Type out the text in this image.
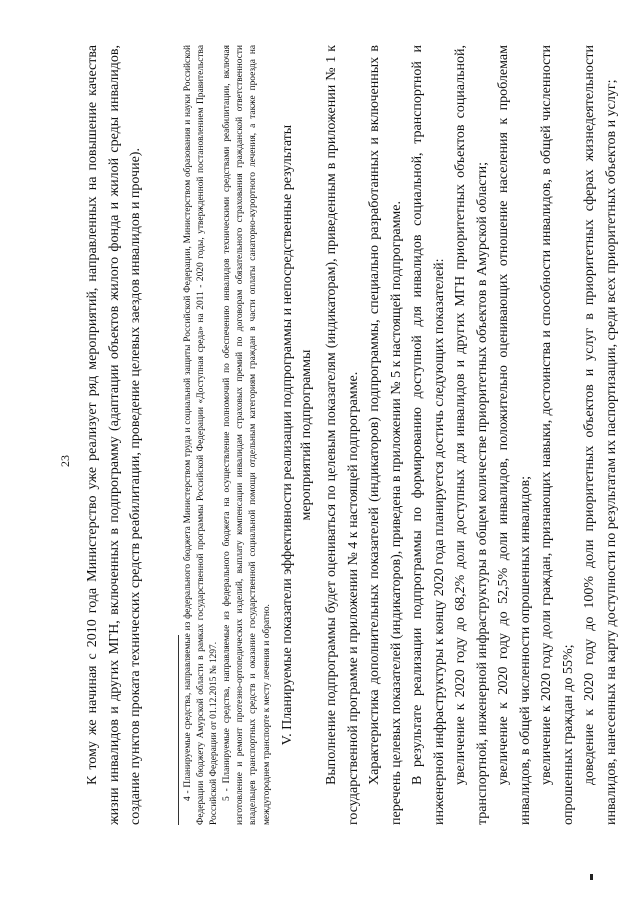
23 К тому же начиная с 2010 года Министерство уже реализует ряд мероприятий, направленных на повышение качества жизни инвалидов и других МГН, включенных в подпрограмму (адаптации объектов жилого фонда и жилой среды инвалидов, создание пунктов проката технических средств реабилитации, проведение целевых заездов инвалидов и прочие).	4 - Планируемые средства, направляемые из федерального бюджета Министерством труда и социальной защиты Российской Федерации, Министерством образования и науки Российской Федерации бюджету Амурской области в рамках государственной программы Российской Федерации «Доступная среда» на 2011 - 2020 годы, утвержденной постановлением Правительства Российской Федерации от 01.12.2015 № 1297. 5 - Планируемые средства, направляемые из федерального бюджета на осуществление полномочий по обеспечению инвалидов техническими средствами реабилитации, включая изготовление и ремонт протезно-ортопедических изделий, выплату компенсации инвалидам страховых премий по договорам обязательного страхования гражданской ответственности владельцев транспортных средств и оказание государственной социальной помощи отдельным категориям граждан в части оплаты санаторно-курортного лечения, а также проезда на междугороднем транспорте к месту лечения и обратно. V. Планируемые показатели эффективности реализации подпрограммы и непосредственные результаты мероприятий подпрограммы Выполнение подпрограммы будет оцениваться по целевым показателям (индикаторам), приведенным в приложении № 1 к государственной программе и приложении № 4 к настоящей подпрограмме. Характеристика дополнительных показателей (индикаторов) подпрограммы, специально разработанных и включенных в перечень целевых показателей (индикаторов), приведена в приложении № 5 к настоящей подпрограмме. В результате реализации подпрограммы по формированию доступной для инвалидов социальной, транспортной и инженерной инфраструктуры к концу 2020 года планируется достичь следующих показателей: увеличение к 2020 году до 68,2% доли доступных для инвалидов и других МГН приоритетных объектов социальной, транспортной, инженерной инфраструктуры в общем количестве приоритетных объектов в Амурской области; увеличение к 2020 году до 52,5% доли инвалидов, положительно оценивающих отношение населения к проблемам инвалидов, в общей численности опрошенных инвалидов; увеличение к 2020 году доли граждан, признающих навыки, достоинства и способности инвалидов, в общей численности опрошенных граждан до 55%; доведение к 2020 году до 100% доли приоритетных объектов и услуг в приоритетных сферах жизнедеятельности инвалидов, нанесенных на карту доступности по результатам их паспортизации, среди всех приоритетных объектов и услуг;
